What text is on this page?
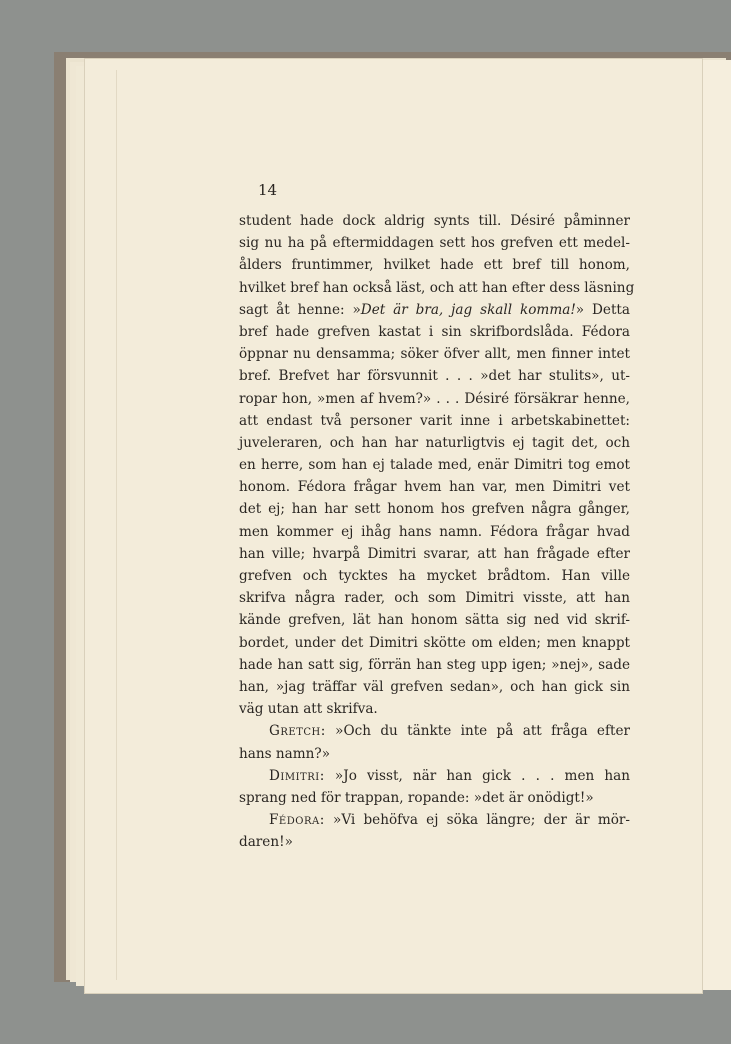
14
student hade dock aldrig synts till. Désiré påminner
sig nu ha på eftermiddagen sett hos grefven ett medel-
ålders fruntimmer, hvilket hade ett bref till honom,
hvilket bref han också läst, och att han efter dess läsning
sagt åt henne: »Det är bra, jag skall komma!» Detta
bref hade grefven kastat i sin skrifbordslåda. Fédora
öppnar nu densamma; söker öfver allt, men finner intet
bref. Brefvet har försvunnit . . . »det har stulits», ut-
ropar hon, »men af hvem?» . . . Désiré försäkrar henne,
att endast två personer varit inne i arbetskabinettet:
juveleraren, och han har naturligtvis ej tagit det, och
en herre, som han ej talade med, enär Dimitri tog emot
honom. Fédora frågar hvem han var, men Dimitri vet
det ej; han har sett honom hos grefven några gånger,
men kommer ej ihåg hans namn. Fédora frågar hvad
han ville; hvarpå Dimitri svarar, att han frågade efter
grefven och tycktes ha mycket brådtom. Han ville
skrifva några rader, och som Dimitri visste, att han
kände grefven, lät han honom sätta sig ned vid skrif-
bordet, under det Dimitri skötte om elden; men knappt
hade han satt sig, förrän han steg upp igen; »nej», sade
han, »jag träffar väl grefven sedan», och han gick sin
väg utan att skrifva.
Gretch: »Och du tänkte inte på att fråga efter
hans namn?»
Dimitri: »Jo visst, när han gick . . . men han
sprang ned för trappan, ropande: »det är onödigt!»
Fédora: »Vi behöfva ej söka längre; der är mör-
daren!»
